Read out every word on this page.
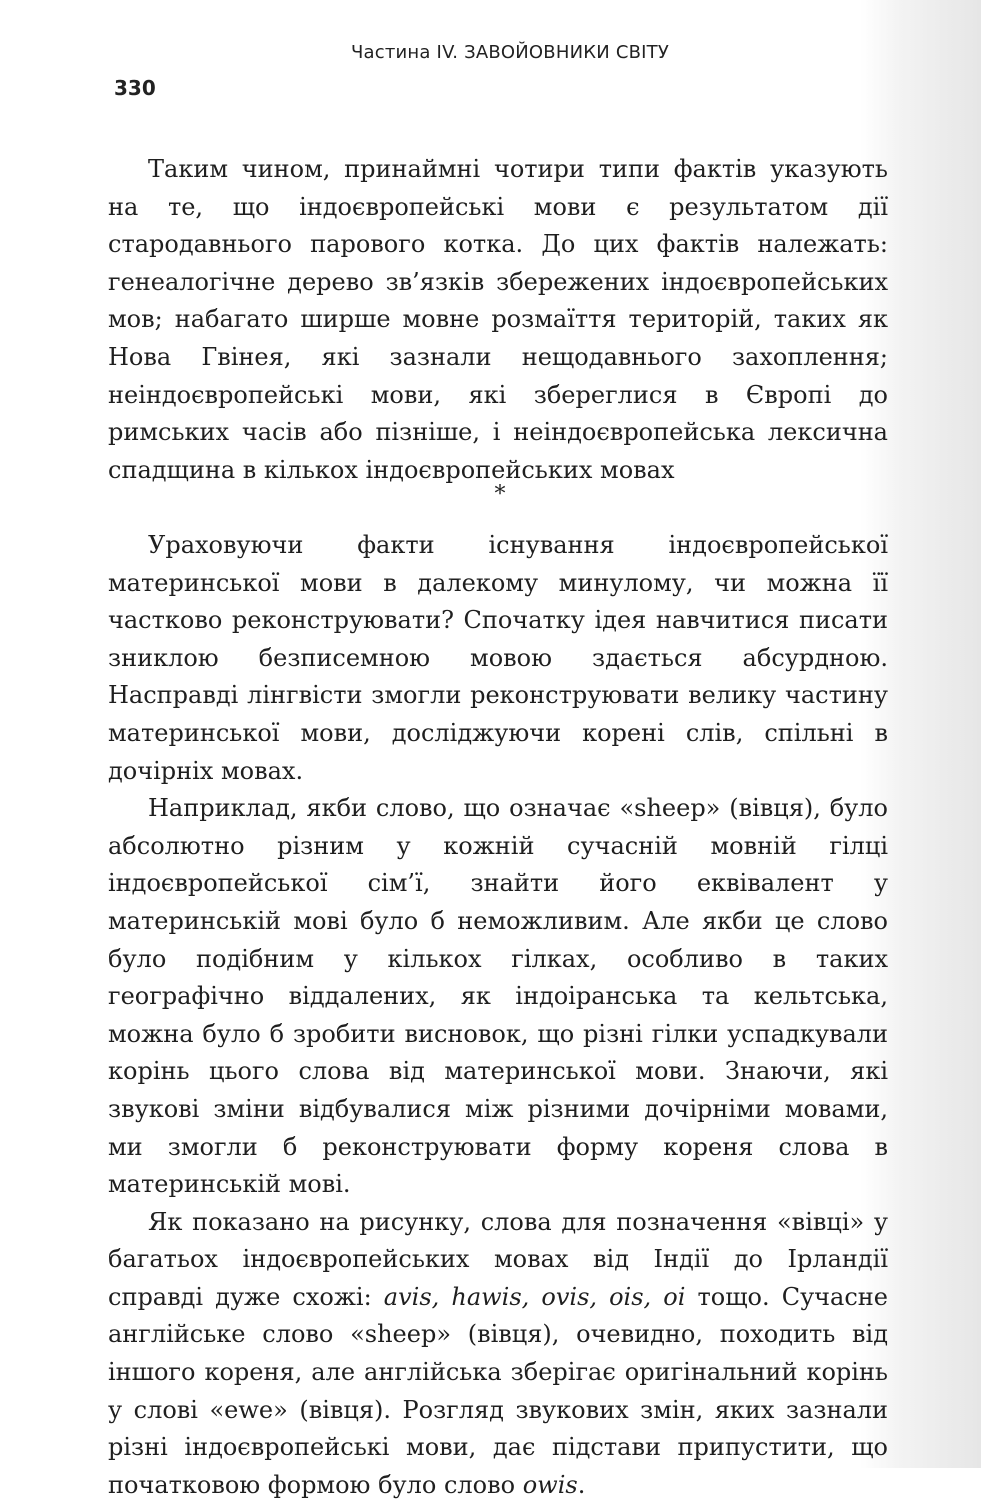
Частина IV. ЗАВОЙОВНИКИ СВІТУ
330

Таким чином, принаймні чотири типи фактів указують на те, що індоєвропейські мови є результатом дії стародавнього парового котка. До цих фактів належать: генеалогічне дерево зв’язків збережених індоєвропейських мов; набагато ширше мовне розмаїття територій, таких як Нова Гвінея, які зазнали нещодавнього захоплення; неіндоєвропейські мови, які збереглися в Європі до римських часів або пізніше, і неіндоєвропейська лексична спадщина в кількох індоєвропейських мовах

*

Ураховуючи факти існування індоєвропейської материнської мови в далекому минулому, чи можна її частково реконструювати? Спочатку ідея навчитися писати зниклою безписемною мовою здається абсурдною. Насправді лінгвісти змогли реконструювати велику частину материнської мови, досліджуючи корені слів, спільні в дочірніх мовах.

Наприклад, якби слово, що означає «sheep» (вівця), було абсолютно різним у кожній сучасній мовній гілці індоєвропейської сім’ї, знайти його еквівалент у материнській мові було б неможливим. Але якби це слово було подібним у кількох гілках, особливо в таких географічно віддалених, як індоіранська та кельтська, можна було б зробити висновок, що різні гілки успадкували корінь цього слова від материнської мови. Знаючи, які звукові зміни відбувалися між різними дочірніми мовами, ми змогли б реконструювати форму кореня слова в материнській мові.

Як показано на рисунку, слова для позначення «вівці» у багатьох індоєвропейських мовах від Індії до Ірландії справді дуже схожі: avis, hawis, ovis, ois, oi тощо. Сучасне англійське слово «sheep» (вівця), очевидно, походить від іншого кореня, але англійська зберігає оригінальний корінь у слові «ewe» (вівця). Розгляд звукових змін, яких зазнали різні індоєвропейські мови, дає підстави припустити, що початковою формою було слово owis.
